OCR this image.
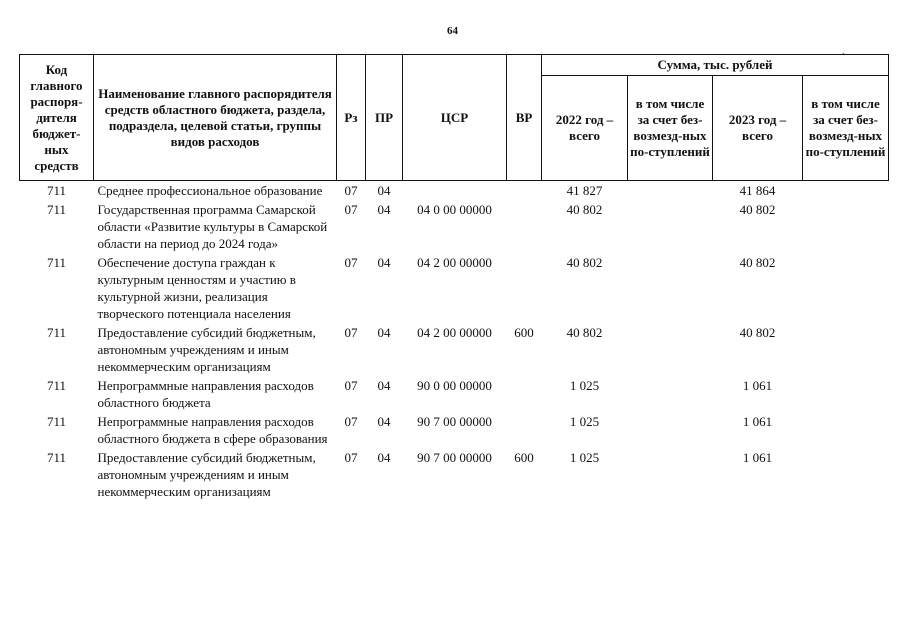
64
.
Код главного распоря-дителя бюджет-ных средств	Наименование главного распорядителя средств областного бюджета, раздела, подраздела, целевой статьи, группы видов расходов	Рз	ПР	ЦСР	ВР	Сумма, тыс. рублей			
						2022 год – всего	в том числе за счет без-возмезд-ных по-ступлений	2023 год – всего	в том числе за счет без-возмезд-ных по-ступлений
711	Среднее профессиональное образование	07	04			41 827		41 864	
711	Государственная программа Самарской области «Развитие культуры в Самарской области на период до 2024 года»	07	04	04 0 00 00000		40 802		40 802	
711	Обеспечение доступа граждан к культурным ценностям и участию в культурной жизни, реализация творческого потенциала населения	07	04	04 2 00 00000		40 802		40 802	
711	Предоставление субсидий бюджетным, автономным учреждениям и иным некоммерческим организациям	07	04	04 2 00 00000	600	40 802		40 802	
711	Непрограммные направления расходов областного бюджета	07	04	90 0 00 00000		1 025		1 061	
711	Непрограммные направления расходов областного бюджета в сфере образования	07	04	90 7 00 00000		1 025		1 061	
711	Предоставление субсидий бюджетным, автономным учреждениям и иным некоммерческим организациям	07	04	90 7 00 00000	600	1 025		1 061	
